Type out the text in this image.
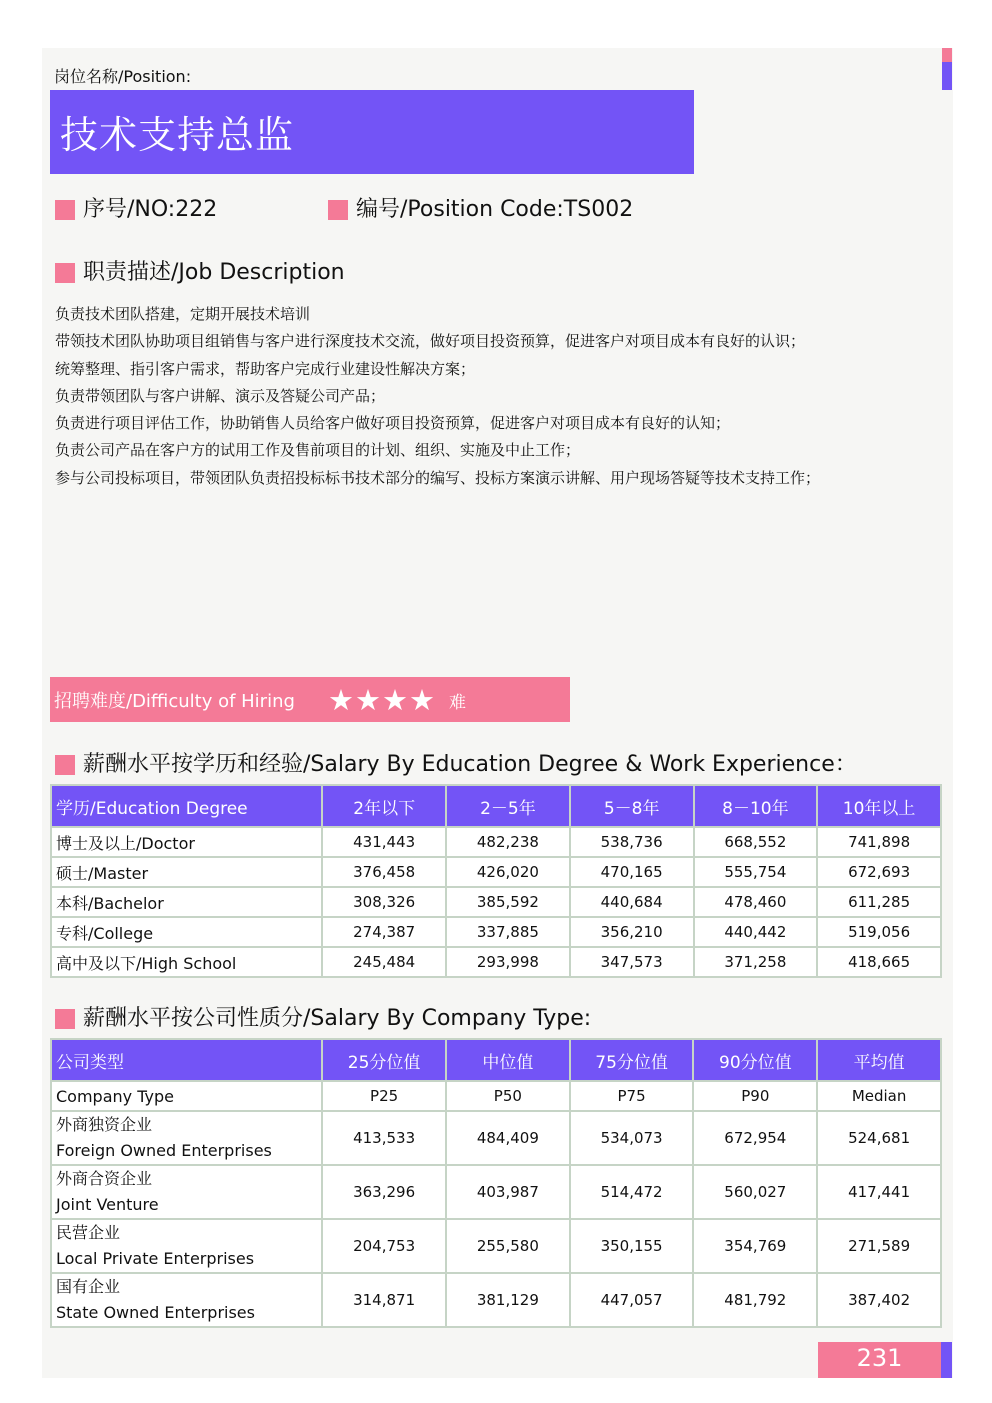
岗位名称/Position:
技术支持总监
序号/NO:222	编号/Position Code:TS002
职责描述/Job Description
负责技术团队搭建，定期开展技术培训
带领技术团队协助项目组销售与客户进行深度技术交流，做好项目投资预算，促进客户对项目成本有良好的认识；
统筹整理、指引客户需求，帮助客户完成行业建设性解决方案；
负责带领团队与客户讲解、演示及答疑公司产品；
负责进行项目评估工作，协助销售人员给客户做好项目投资预算，促进客户对项目成本有良好的认知；
负责公司产品在客户方的试用工作及售前项目的计划、组织、实施及中止工作；
参与公司投标项目，带领团队负责招投标标书技术部分的编写、投标方案演示讲解、用户现场答疑等技术支持工作；
招聘难度/Difficulty of Hiring ★★★★ 难
薪酬水平按学历和经验/Salary By Education Degree & Work Experience：
学历/Education Degree	2年以下	2－5年	5－8年	8－10年	10年以上
博士及以上/Doctor	431,443	482,238	538,736	668,552	741,898
硕士/Master	376,458	426,020	470,165	555,754	672,693
本科/Bachelor	308,326	385,592	440,684	478,460	611,285
专科/College	274,387	337,885	356,210	440,442	519,056
高中及以下/High School	245,484	293,998	347,573	371,258	418,665
薪酬水平按公司性质分/Salary By Company Type:
公司类型	25分位值	中位值	75分位值	90分位值	平均值
Company Type	P25	P50	P75	P90	Median

外商独资企业
Foreign Owned Enterprises	413,533	484,409	534,073	672,954	524,681

外商合资企业
Joint Venture	363,296	403,987	514,472	560,027	417,441

民营企业
Local Private Enterprises	204,753	255,580	350,155	354,769	271,589

国有企业
State Owned Enterprises	314,871	381,129	447,057	481,792	387,402
231
